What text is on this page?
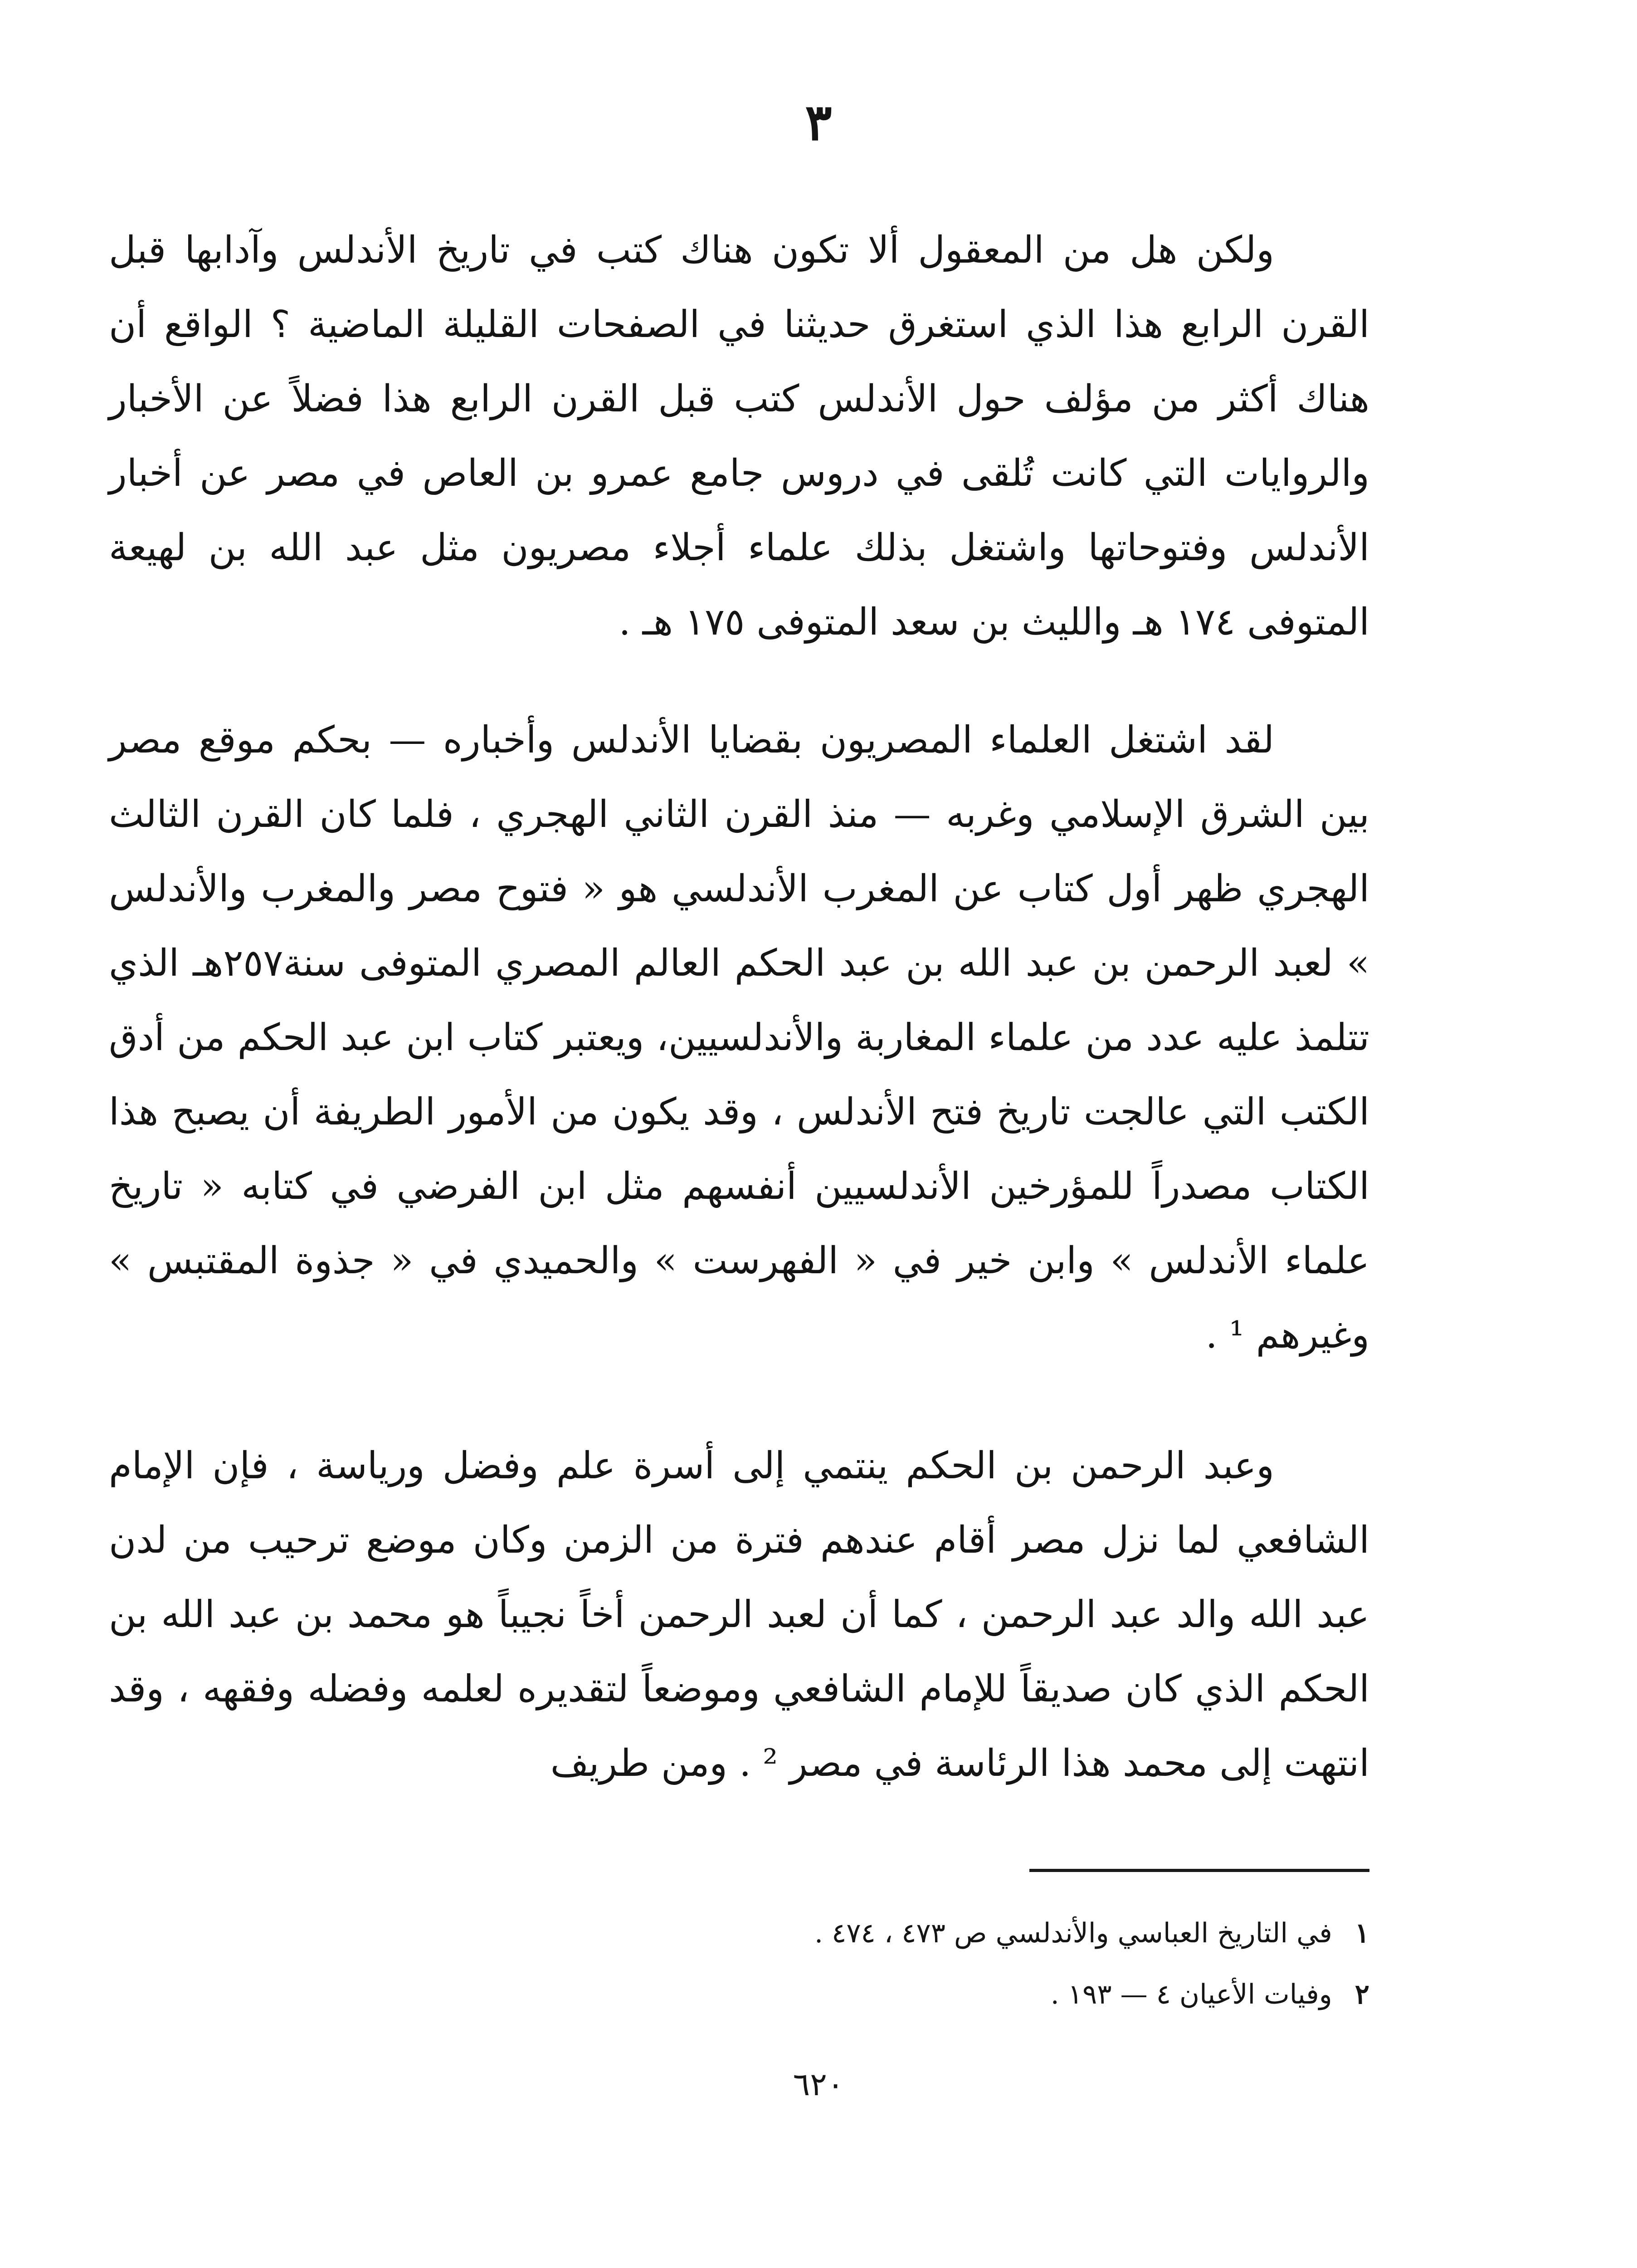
٣

ولكن هل من المعقول ألا تكون هناك كتب في تاريخ الأندلس وآدابها قبل القرن الرابع هذا الذي استغرق حديثنا في الصفحات القليلة الماضية ؟ الواقع أن هناك أكثر من مؤلف حول الأندلس كتب قبل القرن الرابع هذا فضلاً عن الأخبار والروايات التي كانت تُلقى في دروس جامع عمرو بن العاص في مصر عن أخبار الأندلس وفتوحاتها واشتغل بذلك علماء أجلاء مصريون مثل عبد الله بن لهيعة المتوفى ١٧٤ هـ والليث بن سعد المتوفى ١٧٥ هـ .

لقد اشتغل العلماء المصريون بقضايا الأندلس وأخباره — بحكم موقع مصر بين الشرق الإسلامي وغربه — منذ القرن الثاني الهجري ، فلما كان القرن الثالث الهجري ظهر أول كتاب عن المغرب الأندلسي هو « فتوح مصر والمغرب والأندلس » لعبد الرحمن بن عبد الله بن عبد الحكم العالم المصري المتوفى سنة٢٥٧هـ الذي تتلمذ عليه عدد من علماء المغاربة والأندلسيين، ويعتبر كتاب ابن عبد الحكم من أدق الكتب التي عالجت تاريخ فتح الأندلس ، وقد يكون من الأمور الطريفة أن يصبح هذا الكتاب مصدراً للمؤرخين الأندلسيين أنفسهم مثل ابن الفرضي في كتابه « تاريخ علماء الأندلس » وابن خير في « الفهرست » والحميدي في « جذوة المقتبس » وغيرهم ¹ .

وعبد الرحمن بن الحكم ينتمي إلى أسرة علم وفضل ورياسة ، فإن الإمام الشافعي لما نزل مصر أقام عندهم فترة من الزمن وكان موضع ترحيب من لدن عبد الله والد عبد الرحمن ، كما أن لعبد الرحمن أخاً نجيباً هو محمد بن عبد الله بن الحكم الذي كان صديقاً للإمام الشافعي وموضعاً لتقديره لعلمه وفضله وفقهه ، وقد انتهت إلى محمد هذا الرئاسة في مصر ² . ومن طريف

١في التاريخ العباسي والأندلسي ص ٤٧٣ ، ٤٧٤ .
٢وفيات الأعيان ٤ — ١٩٣ .
٦٢٠
